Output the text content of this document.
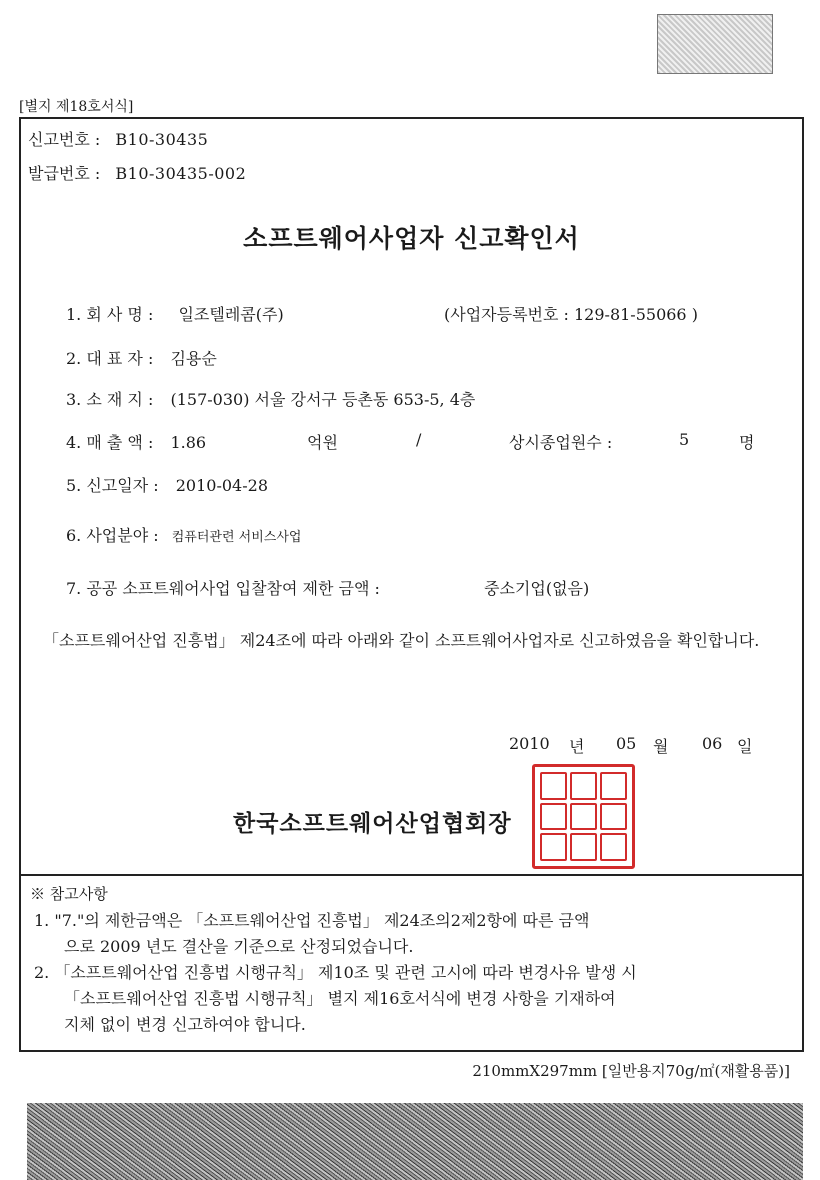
[별지 제18호서식]
신고번호 : B10-30435
발급번호 : B10-30435-002
소프트웨어사업자 신고확인서
1. 회 사 명 : 일조텔레콤(주)	(사업자등록번호 : 129-81-55066 )
2. 대 표 자 : 김용순
3. 소 재 지 : (157-030) 서울 강서구 등촌동 653-5, 4층
4. 매 출 액 : 1.86	억원	/	상시종업원수 :	5	명
5. 신고일자 : 2010-04-28
6. 사업분야 : 컴퓨터관련 서비스사업
7. 공공 소프트웨어사업 입찰참여 제한 금액 :	중소기업(없음)
「소프트웨어산업 진흥법」 제24조에 따라 아래와 같이 소프트웨어사업자로 신고하였음을 확인합니다.
2010 년 05 월 06 일
한국소프트웨어산업협회장
※ 참고사항
1. "7."의 제한금액은 「소프트웨어산업 진흥법」 제24조의2제2항에 따른 금액
으로 2009 년도 결산을 기준으로 산정되었습니다.
2. 「소프트웨어산업 진흥법 시행규칙」 제10조 및 관련 고시에 따라 변경사유 발생 시
「소프트웨어산업 진흥법 시행규칙」 별지 제16호서식에 변경 사항을 기재하여
지체 없이 변경 신고하여야 합니다.
210mmX297mm [일반용지70g/㎡(재활용품)]
